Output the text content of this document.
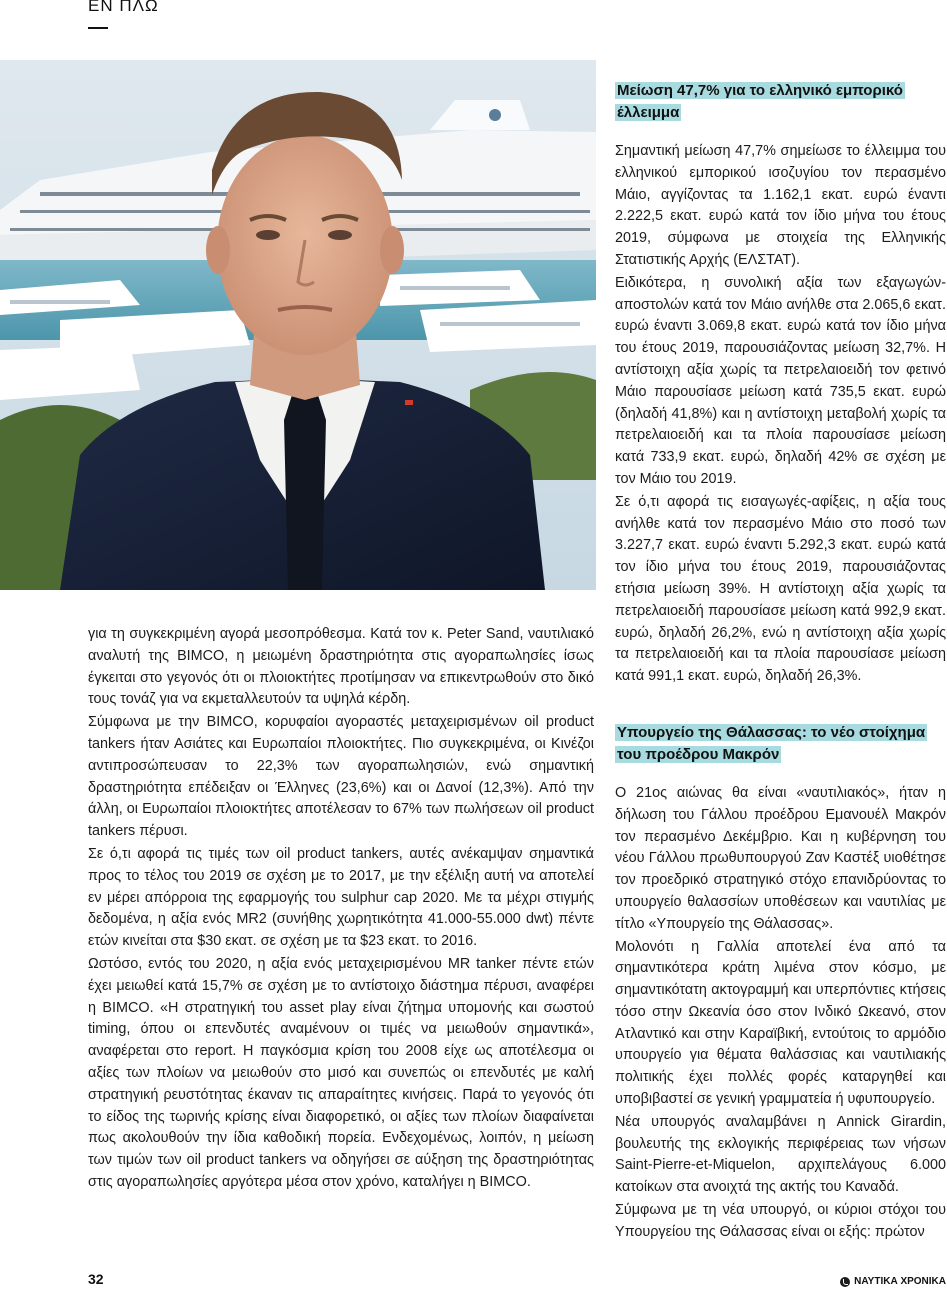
ΕΝ ΠΛΩ

για τη συγκεκριμένη αγορά μεσοπρόθεσμα. Κατά τον κ. Peter Sand, ναυτιλιακό αναλυτή της BIMCO, η μειωμένη δραστηριότητα στις αγοραπωλησίες ίσως έγκειται στο γεγονός ότι οι πλοιοκτήτες προτίμησαν να επικεντρωθούν στο δικό τους τονάζ για να εκμεταλλευτούν τα υψηλά κέρδη.

Σύμφωνα με την BIMCO, κορυφαίοι αγοραστές μεταχειρισμένων oil product tankers ήταν Ασιάτες και Ευρωπαίοι πλοιοκτήτες. Πιο συγκεκριμένα, οι Κινέζοι αντιπροσώπευσαν το 22,3% των αγοραπωλησιών, ενώ σημαντική δραστηριότητα επέδειξαν οι Έλληνες (23,6%) και οι Δανοί (12,3%). Από την άλλη, οι Ευρωπαίοι πλοιοκτήτες αποτέλεσαν το 67% των πωλήσεων oil product tankers πέρυσι.

Σε ό,τι αφορά τις τιμές των oil product tankers, αυτές ανέκαμψαν σημαντικά προς το τέλος του 2019 σε σχέση με το 2017, με την εξέλιξη αυτή να αποτελεί εν μέρει απόρροια της εφαρμογής του sulphur cap 2020. Με τα μέχρι στιγμής δεδομένα, η αξία ενός MR2 (συνήθης χωρητικότητα 41.000-55.000 dwt) πέντε ετών κινείται στα $30 εκατ. σε σχέση με τα $23 εκατ. το 2016.

Ωστόσο, εντός του 2020, η αξία ενός μεταχειρισμένου MR tanker πέντε ετών έχει μειωθεί κατά 15,7% σε σχέση με το αντίστοιχο διάστημα πέρυσι, αναφέρει η BIMCO. «Η στρατηγική του asset play είναι ζήτημα υπομονής και σωστού timing, όπου οι επενδυτές αναμένουν οι τιμές να μειωθούν σημαντικά», αναφέρεται στο report. Η παγκόσμια κρίση του 2008 είχε ως αποτέλεσμα οι αξίες των πλοίων να μειωθούν στο μισό και συνεπώς οι επενδυτές με καλή στρατηγική ρευστότητας έκαναν τις απαραίτητες κινήσεις. Παρά το γεγονός ότι το είδος της τωρινής κρίσης είναι διαφορετικό, οι αξίες των πλοίων διαφαίνεται πως ακολουθούν την ίδια καθοδική πορεία. Ενδεχομένως, λοιπόν, η μείωση των τιμών των oil product tankers να οδηγήσει σε αύξηση της δραστηριότητας στις αγοραπωλησίες αργότερα μέσα στον χρόνο, καταλήγει η BIMCO.

Μείωση 47,7% για το ελληνικό εμπορικό έλλειμμα

Σημαντική μείωση 47,7% σημείωσε το έλλειμμα του ελληνικού εμπορικού ισοζυγίου τον περασμένο Μάιο, αγγίζοντας τα 1.162,1 εκατ. ευρώ έναντι 2.222,5 εκατ. ευρώ κατά τον ίδιο μήνα του έτους 2019, σύμφωνα με στοιχεία της Ελληνικής Στατιστικής Αρχής (ΕΛΣΤΑΤ).

Ειδικότερα, η συνολική αξία των εξαγωγών-αποστολών κατά τον Μάιο ανήλθε στα 2.065,6 εκατ. ευρώ έναντι 3.069,8 εκατ. ευρώ κατά τον ίδιο μήνα του έτους 2019, παρουσιάζοντας μείωση 32,7%. Η αντίστοιχη αξία χωρίς τα πετρελαιοειδή τον φετινό Μάιο παρουσίασε μείωση κατά 735,5 εκατ. ευρώ (δηλαδή 41,8%) και η αντίστοιχη μεταβολή χωρίς τα πετρελαιοειδή και τα πλοία παρουσίασε μείωση κατά 733,9 εκατ. ευρώ, δηλαδή 42% σε σχέση με τον Μάιο του 2019.

Σε ό,τι αφορά τις εισαγωγές-αφίξεις, η αξία τους ανήλθε κατά τον περασμένο Μάιο στο ποσό των 3.227,7 εκατ. ευρώ έναντι 5.292,3 εκατ. ευρώ κατά τον ίδιο μήνα του έτους 2019, παρουσιάζοντας ετήσια μείωση 39%. Η αντίστοιχη αξία χωρίς τα πετρελαιοειδή παρουσίασε μείωση κατά 992,9 εκατ. ευρώ, δηλαδή 26,2%, ενώ η αντίστοιχη αξία χωρίς τα πετρελαιοειδή και τα πλοία παρουσίασε μείωση κατά 991,1 εκατ. ευρώ, δηλαδή 26,3%.

Υπουργείο της Θάλασσας: το νέο στοίχημα του προέδρου Μακρόν

Ο 21ος αιώνας θα είναι «ναυτιλιακός», ήταν η δήλωση του Γάλλου προέδρου Εμανουέλ Μακρόν τον περασμένο Δεκέμβριο. Και η κυβέρνηση του νέου Γάλλου πρωθυπουργού Ζαν Καστέξ υιοθέτησε τον προεδρικό στρατηγικό στόχο επανιδρύοντας το υπουργείο θαλασσίων υποθέσεων και ναυτιλίας με τίτλο «Υπουργείο της Θάλασσας».

Μολονότι η Γαλλία αποτελεί ένα από τα σημαντικότερα κράτη λιμένα στον κόσμο, με σημαντικότατη ακτογραμμή και υπερπόντιες κτήσεις τόσο στην Ωκεανία όσο στον Ινδικό Ωκεανό, στον Ατλαντικό και στην Καραϊβική, εντούτοις το αρμόδιο υπουργείο για θέματα θαλάσσιας και ναυτιλιακής πολιτικής έχει πολλές φορές καταργηθεί και υποβιβαστεί σε γενική γραμματεία ή υφυπουργείο.

Νέα υπουργός αναλαμβάνει η Annick Girardin, βουλευτής της εκλογικής περιφέρειας των νήσων Saint-Pierre-et-Miquelon, αρχιπελάγους 6.000 κατοίκων στα ανοιχτά της ακτής του Καναδά.

Σύμφωνα με τη νέα υπουργό, οι κύριοι στόχοι του Υπουργείου της Θάλασσας είναι οι εξής: πρώτον

32	ΝΑΥΤΙΚΑ ΧΡΟΝΙΚΑ
